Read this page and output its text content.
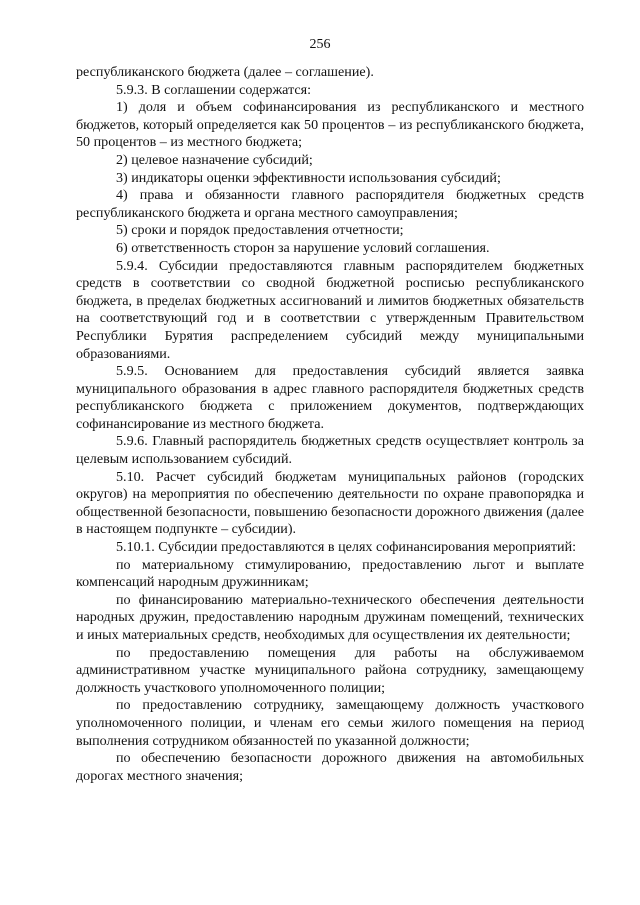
256

республиканского бюджета (далее – соглашение).

5.9.3. В соглашении содержатся:

1) доля и объем софинансирования из республиканского и местного бюджетов, который определяется как 50 процентов – из республиканского бюджета, 50 процентов – из местного бюджета;

2) целевое назначение субсидий;

3) индикаторы оценки эффективности использования субсидий;

4) права и обязанности главного распорядителя бюджетных средств республиканского бюджета и органа местного самоуправления;

5) сроки и порядок предоставления отчетности;

6) ответственность сторон за нарушение условий соглашения.

5.9.4. Субсидии предоставляются главным распорядителем бюджетных средств в соответствии со сводной бюджетной росписью республиканского бюджета, в пределах бюджетных ассигнований и лимитов бюджетных обязательств на соответствующий год и в соответствии с утвержденным Правительством Республики Бурятия распределением субсидий между муниципальными образованиями.

5.9.5. Основанием для предоставления субсидий является заявка муниципального образования в адрес главного распорядителя бюджетных средств республиканского бюджета с приложением документов, подтверждающих софинансирование из местного бюджета.

5.9.6. Главный распорядитель бюджетных средств осуществляет контроль за целевым использованием субсидий.

5.10. Расчет субсидий бюджетам муниципальных районов (городских округов) на мероприятия по обеспечению деятельности по охране правопорядка и общественной безопасности, повышению безопасности дорожного движения (далее в настоящем подпункте – субсидии).

5.10.1. Субсидии предоставляются в целях софинансирования мероприятий:

по материальному стимулированию, предоставлению льгот и выплате компенсаций народным дружинникам;

по финансированию материально-технического обеспечения деятельности народных дружин, предоставлению народным дружинам помещений, технических и иных материальных средств, необходимых для осуществления их деятельности;

по предоставлению помещения для работы на обслуживаемом административном участке муниципального района сотруднику, замещающему должность участкового уполномоченного полиции;

по предоставлению сотруднику, замещающему должность участкового уполномоченного полиции, и членам его семьи жилого помещения на период выполнения сотрудником обязанностей по указанной должности;

по обеспечению безопасности дорожного движения на автомобильных дорогах местного значения;
